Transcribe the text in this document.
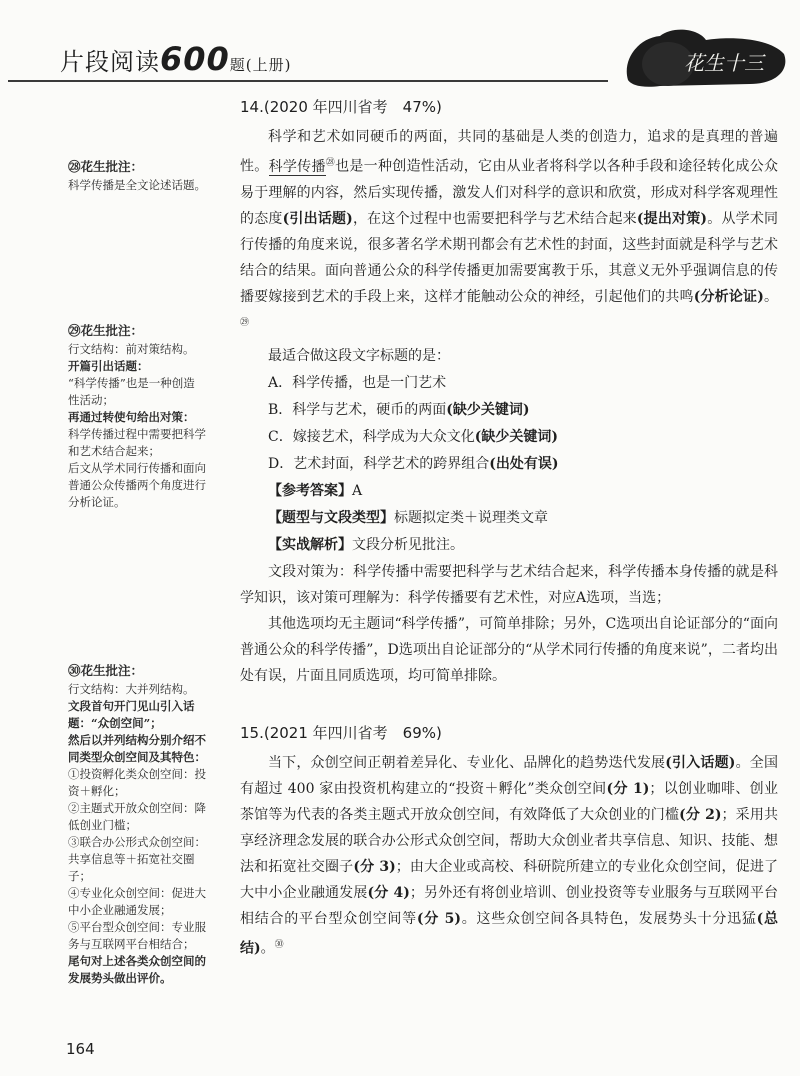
片段阅读600题(上册)	花生十三
14.(2020 年四川省考　47%)

科学和艺术如同硬币的两面，共同的基础是人类的创造力，追求的是真理的普遍性。科学传播$^㉘$也是一种创造性活动，它由从业者将科学以各种手段和途径转化成公众易于理解的内容，然后实现传播，激发人们对科学的意识和欣赏，形成对科学客观理性的态度(引出话题)，在这个过程中也需要把科学与艺术结合起来(提出对策)。从学术同行传播的角度来说，很多著名学术期刊都会有艺术性的封面，这些封面就是科学与艺术结合的结果。面向普通公众的科学传播更加需要寓教于乐，其意义无外乎强调信息的传播要嫁接到艺术的手段上来，这样才能触动公众的神经，引起他们的共鸣(分析论证)。$^㉙$

最适合做这段文字标题的是：

A．科学传播，也是一门艺术

B．科学与艺术，硬币的两面(缺少关键词)

C．嫁接艺术，科学成为大众文化(缺少关键词)

D．艺术封面，科学艺术的跨界组合(出处有误)

【参考答案】A

【题型与文段类型】标题拟定类＋说理类文章

【实战解析】文段分析见批注。

文段对策为：科学传播中需要把科学与艺术结合起来，科学传播本身传播的就是科学知识，该对策可理解为：科学传播要有艺术性，对应A选项，当选；

其他选项均无主题词“科学传播”，可简单排除；另外，C选项出自论证部分的“面向普通公众的科学传播”，D选项出自论证部分的“从学术同行传播的角度来说”，二者均出处有误，片面且同质选项，均可简单排除。

15.(2021 年四川省考　69%)

当下，众创空间正朝着差异化、专业化、品牌化的趋势迭代发展(引入话题)。全国有超过 400 家由投资机构建立的“投资＋孵化”类众创空间(分 1)；以创业咖啡、创业茶馆等为代表的各类主题式开放众创空间，有效降低了大众创业的门槛(分 2)；采用共享经济理念发展的联合办公形式众创空间，帮助大众创业者共享信息、知识、技能、想法和拓宽社交圈子(分 3)；由大企业或高校、科研院所建立的专业化众创空间，促进了大中小企业融通发展(分 4)；另外还有将创业培训、创业投资等专业服务与互联网平台相结合的平台型众创空间等(分 5)。这些众创空间各具特色，发展势头十分迅猛(总结)。$^㉚$

㉘花生批注：
科学传播是全文论述话题。
㉙花生批注：
行文结构：前对策结构。
开篇引出话题：
“科学传播”也是一种创造
性活动；
再通过转使句给出对策：
科学传播过程中需要把科学
和艺术结合起来；
后文从学术同行传播和面向
普通公众传播两个角度进行
分析论证。
㉚花生批注：
行文结构：大并列结构。
文段首句开门见山引入话
题：“众创空间”；
然后以并列结构分别介绍不
同类型众创空间及其特色：
①投资孵化类众创空间：投
资＋孵化；
②主题式开放众创空间：降
低创业门槛；
③联合办公形式众创空间：
共享信息等＋拓宽社交圈
子；
④专业化众创空间：促进大
中小企业融通发展；
⑤平台型众创空间：专业服
务与互联网平台相结合；
尾句对上述各类众创空间的
发展势头做出评价。
164
